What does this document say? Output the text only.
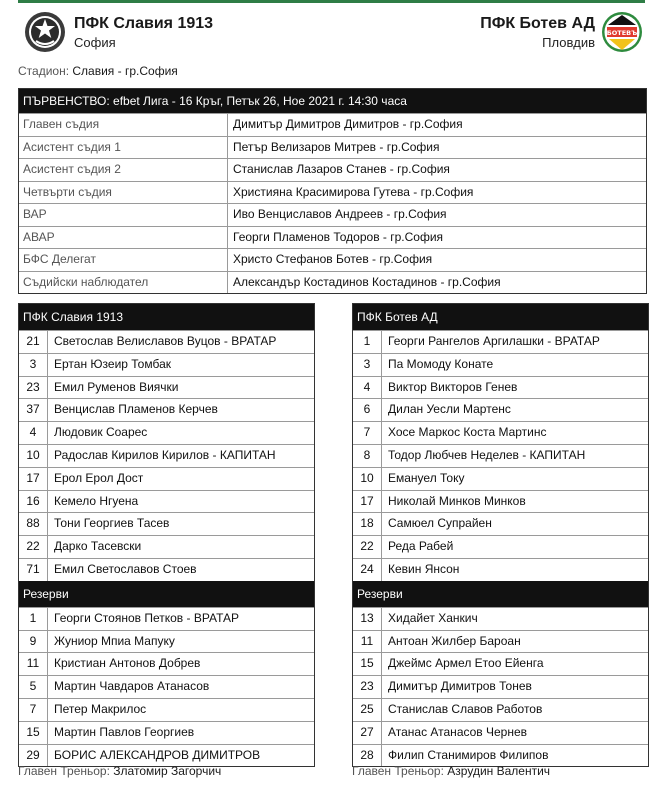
ПФК Славия 1913
София
ПФК Ботев АД
Пловдив
БОТЕВЪ
Стадион: Славия - гр.София
ПЪРВЕНСТВО: efbet Лига - 16 Кръг, Петък 26, Ное 2021 г. 14:30 часа
Главен съдия	Димитър Димитров Димитров - гр.София
Асистент съдия 1	Петър Велизаров Митрев - гр.София
Асистент съдия 2	Станислав Лазаров Станев - гр.София
Четвърти съдия	Християна Красимирова Гутева - гр.София
ВАР	Иво Венциславов Андреев - гр.София
АВАР	Георги Пламенов Тодоров - гр.София
БФС Делегат	Христо Стефанов Ботев - гр.София
Съдийски наблюдател	Александър Костадинов Костадинов - гр.София
ПФК Славия 1913
21	Светослав Велиславов Вуцов - ВРАТАР
3	Ертан Юзеир Томбак
23	Емил Руменов Виячки
37	Венцислав Пламенов Керчев
4	Людовик Соарес
10	Радослав Кирилов Кирилов - КАПИТАН
17	Ерол Ерол Дост
16	Кемело Нгуена
88	Тони Георгиев Тасев
22	Дарко Тасевски
71	Емил Светославов Стоев
Резерви
1	Георги Стоянов Петков - ВРАТАР
9	Жуниор Мпиа Мапуку
11	Кристиан Антонов Добрев
5	Мартин Чавдаров Атанасов
7	Петер Макрилос
15	Мартин Павлов Георгиев
29	БОРИС АЛЕКСАНДРОВ ДИМИТРОВ
ПФК Ботев АД
1	Георги Рангелов Аргилашки - ВРАТАР
3	Па Момоду Конате
4	Виктор Викторов Генев
6	Дилан Уесли Мартенс
7	Хосе Маркос Коста Мартинс
8	Тодор Любчев Неделев - КАПИТАН
10	Емануел Току
17	Николай Минков Минков
18	Самюел Супрайен
22	Реда Рабей
24	Кевин Янсон
Резерви
13	Хидайет Ханкич
11	Антоан Жилбер Бароан
15	Джеймс Армел Етоо Ейенга
23	Димитър Димитров Тонев
25	Станислав Славов Работов
27	Атанас Атанасов Чернев
28	Филип Станимиров Филипов
Главен Треньор: Златомир Загорчич	Главен Треньор: Азрудин Валентич
